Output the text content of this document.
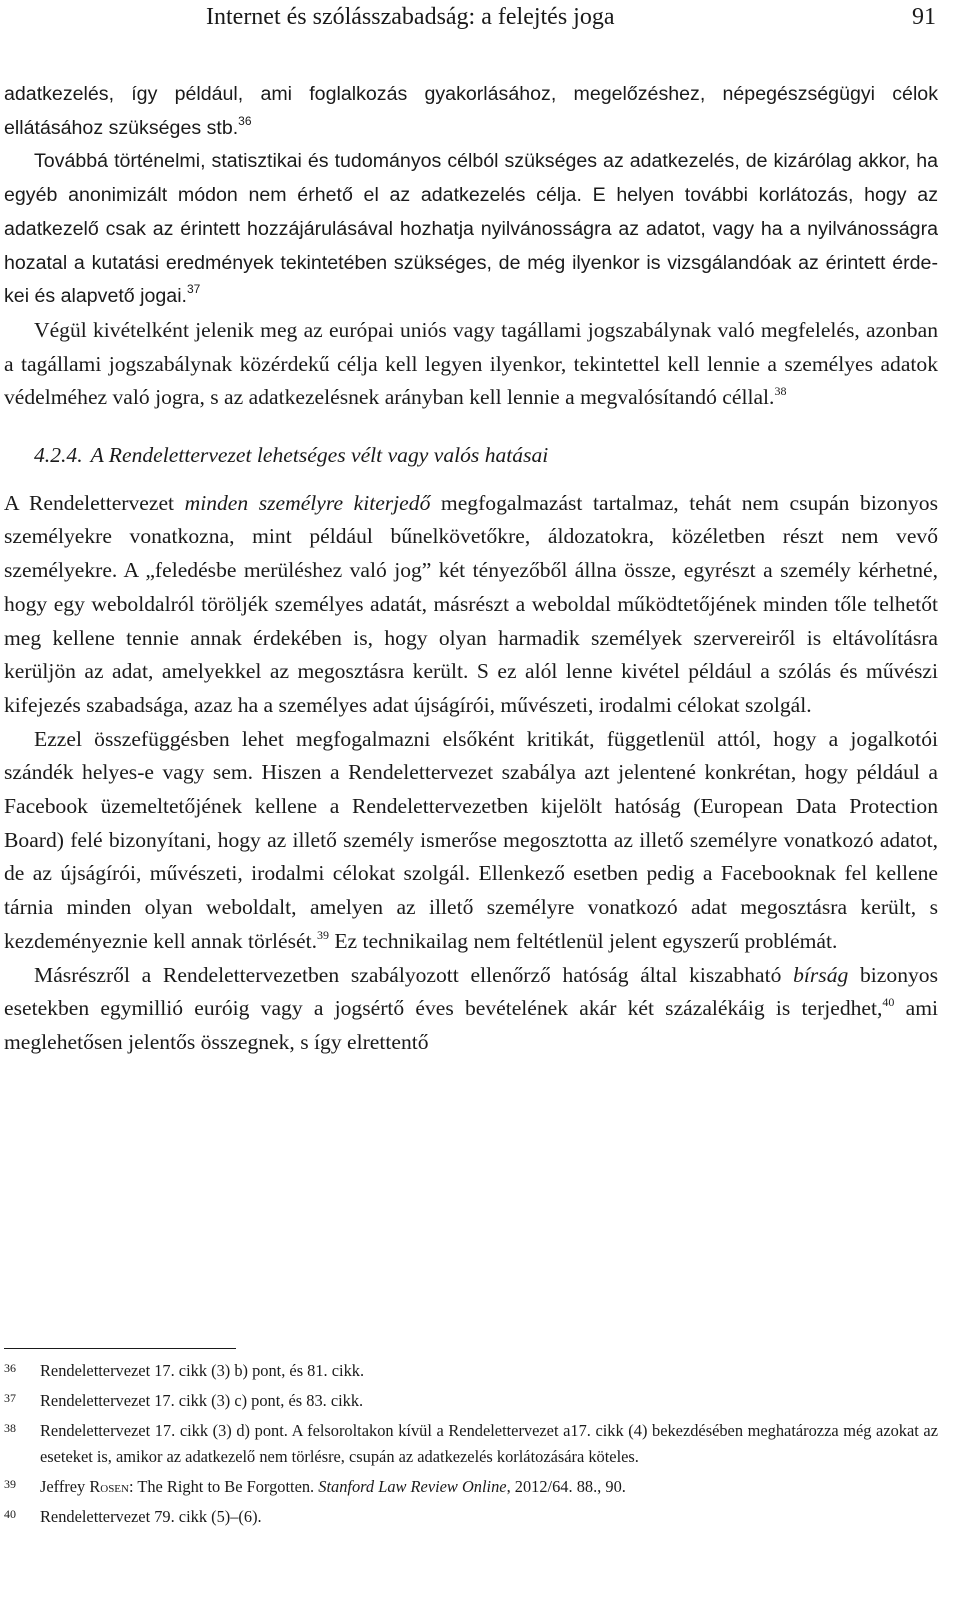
Internet és szólásszabadság: a felejtés joga	91

adatkezelés, így például, ami foglalkozás gyakorlásához, megelőzéshez, népegészségügyi célok ellátásához szükséges stb.$^{36}$

Továbbá történelmi, statisztikai és tudományos célból szükséges az adatkezelés, de kizárólag akkor, ha egyéb anonimizált módon nem érhető el az adatkezelés célja. E helyen további korlátozás, hogy az adatkezelő csak az érintett hozzájárulásával hozhatja nyilvánosságra az adatot, vagy ha a nyilvánosságra hozatal a kutatási eredmények tekintetében szükséges, de még ilyenkor is vizsgálandóak az érintett érdekei és alapvető jogai.$^{37}$

Végül kivételként jelenik meg az európai uniós vagy tagállami jogszabálynak való megfelelés, azonban a tagállami jogszabálynak közérdekű célja kell legyen ilyenkor, tekintettel kell lennie a személyes adatok védelméhez való jogra, s az adatkezelésnek arányban kell lennie a megvalósítandó céllal.$^{38}$

4.2.4. A Rendelettervezet lehetséges vélt vagy valós hatásai

A Rendelettervezet minden személyre kiterjedő megfogalmazást tartalmaz, tehát nem csupán bizonyos személyekre vonatkozna, mint például bűnelkövetőkre, áldozatokra, közéletben részt nem vevő személyekre. A „feledésbe merüléshez való jog” két tényezőből állna össze, egyrészt a személy kérhetné, hogy egy weboldalról töröljék személyes adatát, másrészt a weboldal működtetőjének minden tőle telhetőt meg kellene tennie annak érdekében is, hogy olyan harmadik személyek szervereiről is eltávolításra kerüljön az adat, amelyekkel az megosztásra került. S ez alól lenne kivétel például a szólás és művészi kifejezés szabadsága, azaz ha a személyes adat újságírói, művészeti, irodalmi célokat szolgál.

Ezzel összefüggésben lehet megfogalmazni elsőként kritikát, függetlenül attól, hogy a jogalkotói szándék helyes-e vagy sem. Hiszen a Rendelettervezet szabálya azt jelentené konkrétan, hogy például a Facebook üzemeltetőjének kellene a Rendelettervezetben kijelölt hatóság (European Data Protection Board) felé bizonyítani, hogy az illető személy ismerőse megosztotta az illető személyre vonatkozó adatot, de az újságírói, művészeti, irodalmi célokat szolgál. Ellenkező esetben pedig a Facebooknak fel kellene tárnia minden olyan weboldalt, amelyen az illető személyre vonatkozó adat megosztásra került, s kezdeményeznie kell annak törlését.$^{39}$ Ez technikailag nem feltétlenül jelent egyszerű problémát.

Másrészről a Rendelettervezetben szabályozott ellenőrző hatóság által kiszabható bírság bizonyos esetekben egymillió euróig vagy a jogsértő éves bevételének akár két százalékáig is terjedhet,$^{40}$ ami meglehetősen jelentős összegnek, s így elrettentő

36 Rendelettervezet 17. cikk (3) b) pont, és 81. cikk.
37 Rendelettervezet 17. cikk (3) c) pont, és 83. cikk.
38 Rendelettervezet 17. cikk (3) d) pont. A felsoroltakon kívül a Rendelettervezet a17. cikk (4) bekezdésében meghatározza még azokat az eseteket is, amikor az adatkezelő nem törlésre, csupán az adatkezelés korlátozására köteles.
39 Jeffrey Rosen: The Right to Be Forgotten. Stanford Law Review Online, 2012/64. 88., 90.
40 Rendelettervezet 79. cikk (5)–(6).
